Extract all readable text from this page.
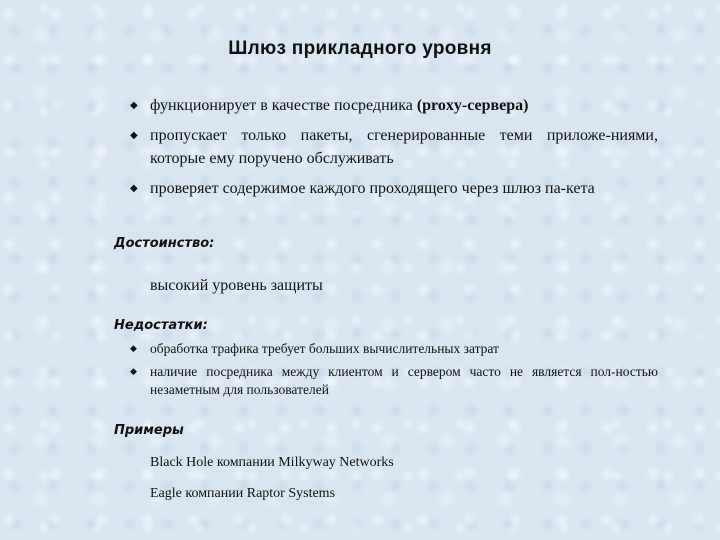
Шлюз прикладного уровня
◆ функционирует в качестве посредника (proxy-сервера)
◆ пропускает только пакеты, сгенерированные теми приложе-ниями, которые ему поручено обслуживать
◆ проверяет содержимое каждого проходящего через шлюз па-кета
Достоинство:
высокий уровень защиты
Недостатки:
◆ обработка трафика требует больших вычислительных затрат
◆ наличие посредника между клиентом и сервером часто не является пол-ностью незаметным для пользователей
Примеры
Black Hole компании Milkyway Networks
Eagle компании Raptor Systems
